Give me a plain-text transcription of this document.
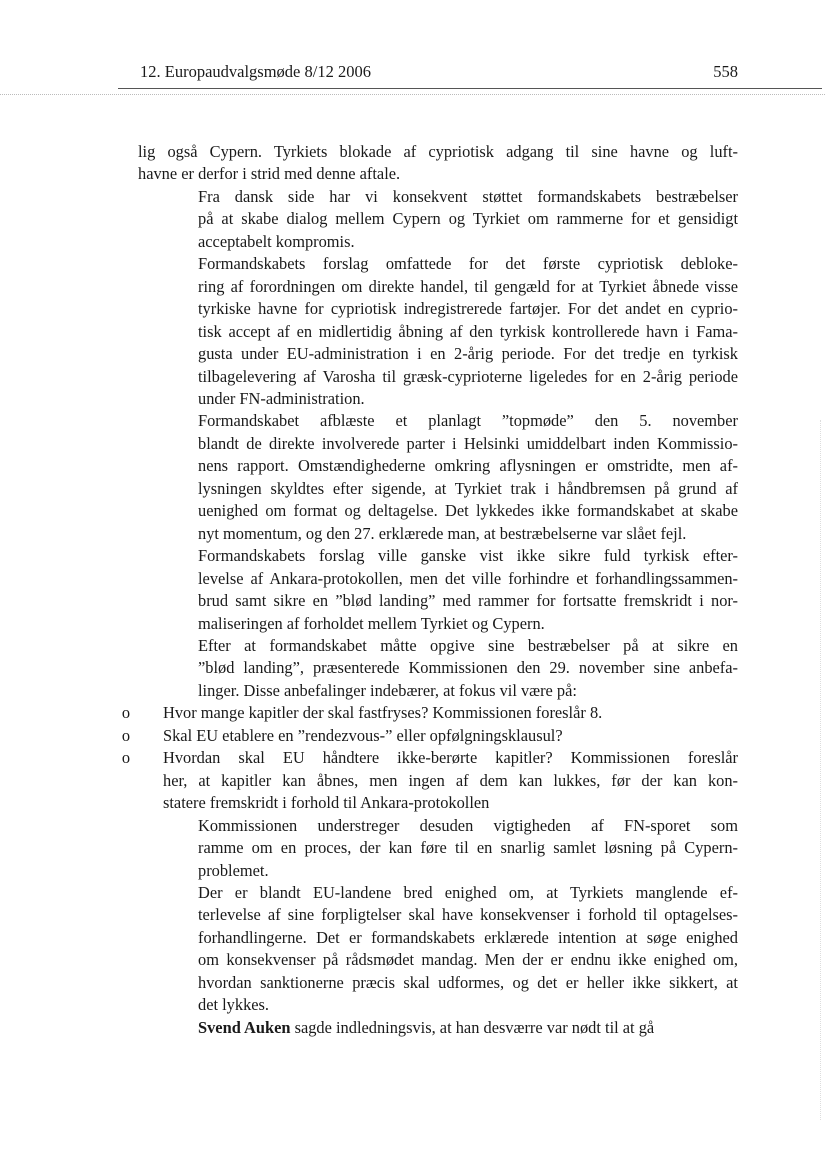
12. Europaudvalgsmøde 8/12 2006	558

lig også Cypern. Tyrkiets blokade af cypriotisk adgang til sine havne og luft-
havne er derfor i strid med denne aftale.

Fra dansk side har vi konsekvent støttet formandskabets bestræbelser
på at skabe dialog mellem Cypern og Tyrkiet om rammerne for et gensidigt
acceptabelt kompromis.

Formandskabets forslag omfattede for det første cypriotisk debloke-
ring af forordningen om direkte handel, til gengæld for at Tyrkiet åbnede visse
tyrkiske havne for cypriotisk indregistrerede fartøjer. For det andet en cyprio-
tisk accept af en midlertidig åbning af den tyrkisk kontrollerede havn i Fama-
gusta under EU-administration i en 2-årig periode. For det tredje en tyrkisk
tilbagelevering af Varosha til græsk-cyprioterne ligeledes for en 2-årig periode
under FN-administration.

Formandskabet afblæste et planlagt ”topmøde” den 5. november
blandt de direkte involverede parter i Helsinki umiddelbart inden Kommissio-
nens rapport. Omstændighederne omkring aflysningen er omstridte, men af-
lysningen skyldtes efter sigende, at Tyrkiet trak i håndbremsen på grund af
uenighed om format og deltagelse. Det lykkedes ikke formandskabet at skabe
nyt momentum, og den 27. erklærede man, at bestræbelserne var slået fejl.

Formandskabets forslag ville ganske vist ikke sikre fuld tyrkisk efter-
levelse af Ankara-protokollen, men det ville forhindre et forhandlingssammen-
brud samt sikre en ”blød landing” med rammer for fortsatte fremskridt i nor-
maliseringen af forholdet mellem Tyrkiet og Cypern.

Efter at formandskabet måtte opgive sine bestræbelser på at sikre en
”blød landing”, præsenterede Kommissionen den 29. november sine anbefa-
linger. Disse anbefalinger indebærer, at fokus vil være på:

o Hvor mange kapitler der skal fastfryses? Kommissionen foreslår 8.
o Skal EU etablere en ”rendezvous-” eller opfølgningsklausul?
o Hvordan skal EU håndtere ikke-berørte kapitler? Kommissionen foreslår
her, at kapitler kan åbnes, men ingen af dem kan lukkes, før der kan kon-
statere fremskridt i forhold til Ankara-protokollen

Kommissionen understreger desuden vigtigheden af FN-sporet som
ramme om en proces, der kan føre til en snarlig samlet løsning på Cypern-
problemet.

Der er blandt EU-landene bred enighed om, at Tyrkiets manglende ef-
terlevelse af sine forpligtelser skal have konsekvenser i forhold til optagelses-
forhandlingerne. Det er formandskabets erklærede intention at søge enighed
om konsekvenser på rådsmødet mandag. Men der er endnu ikke enighed om,
hvordan sanktionerne præcis skal udformes, og det er heller ikke sikkert, at
det lykkes.

Svend Auken sagde indledningsvis, at han desværre var nødt til at gå
